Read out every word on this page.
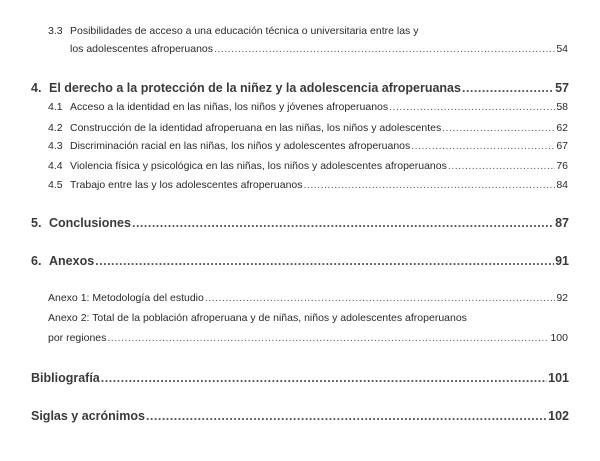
3.3 Posibilidades de acceso a una educación técnica o universitaria entre las y
los adolescentes afroperuanos .....	54
4. El derecho a la protección de la niñez y la adolescencia afroperuanas .....	57
4.1 Acceso a la identidad en las niñas, los niños y jóvenes afroperuanos .....	58
4.2 Construcción de la identidad afroperuana en las niñas, los niños y adolescentes .....	62
4.3 Discriminación racial en las niñas, los niños y adolescentes afroperuanos .....	67
4.4 Violencia física y psicológica en las niñas, los niños y adolescentes afroperuanos .....	76
4.5 Trabajo entre las y los adolescentes afroperuanos .....	84
5. Conclusiones .....	87
6. Anexos .....	91
Anexo 1: Metodología del estudio .....	92
Anexo 2: Total de la población afroperuana y de niñas, niños y adolescentes afroperuanos
por regiones .....	100
Bibliografía .....	101
Siglas y acrónimos .....	102
